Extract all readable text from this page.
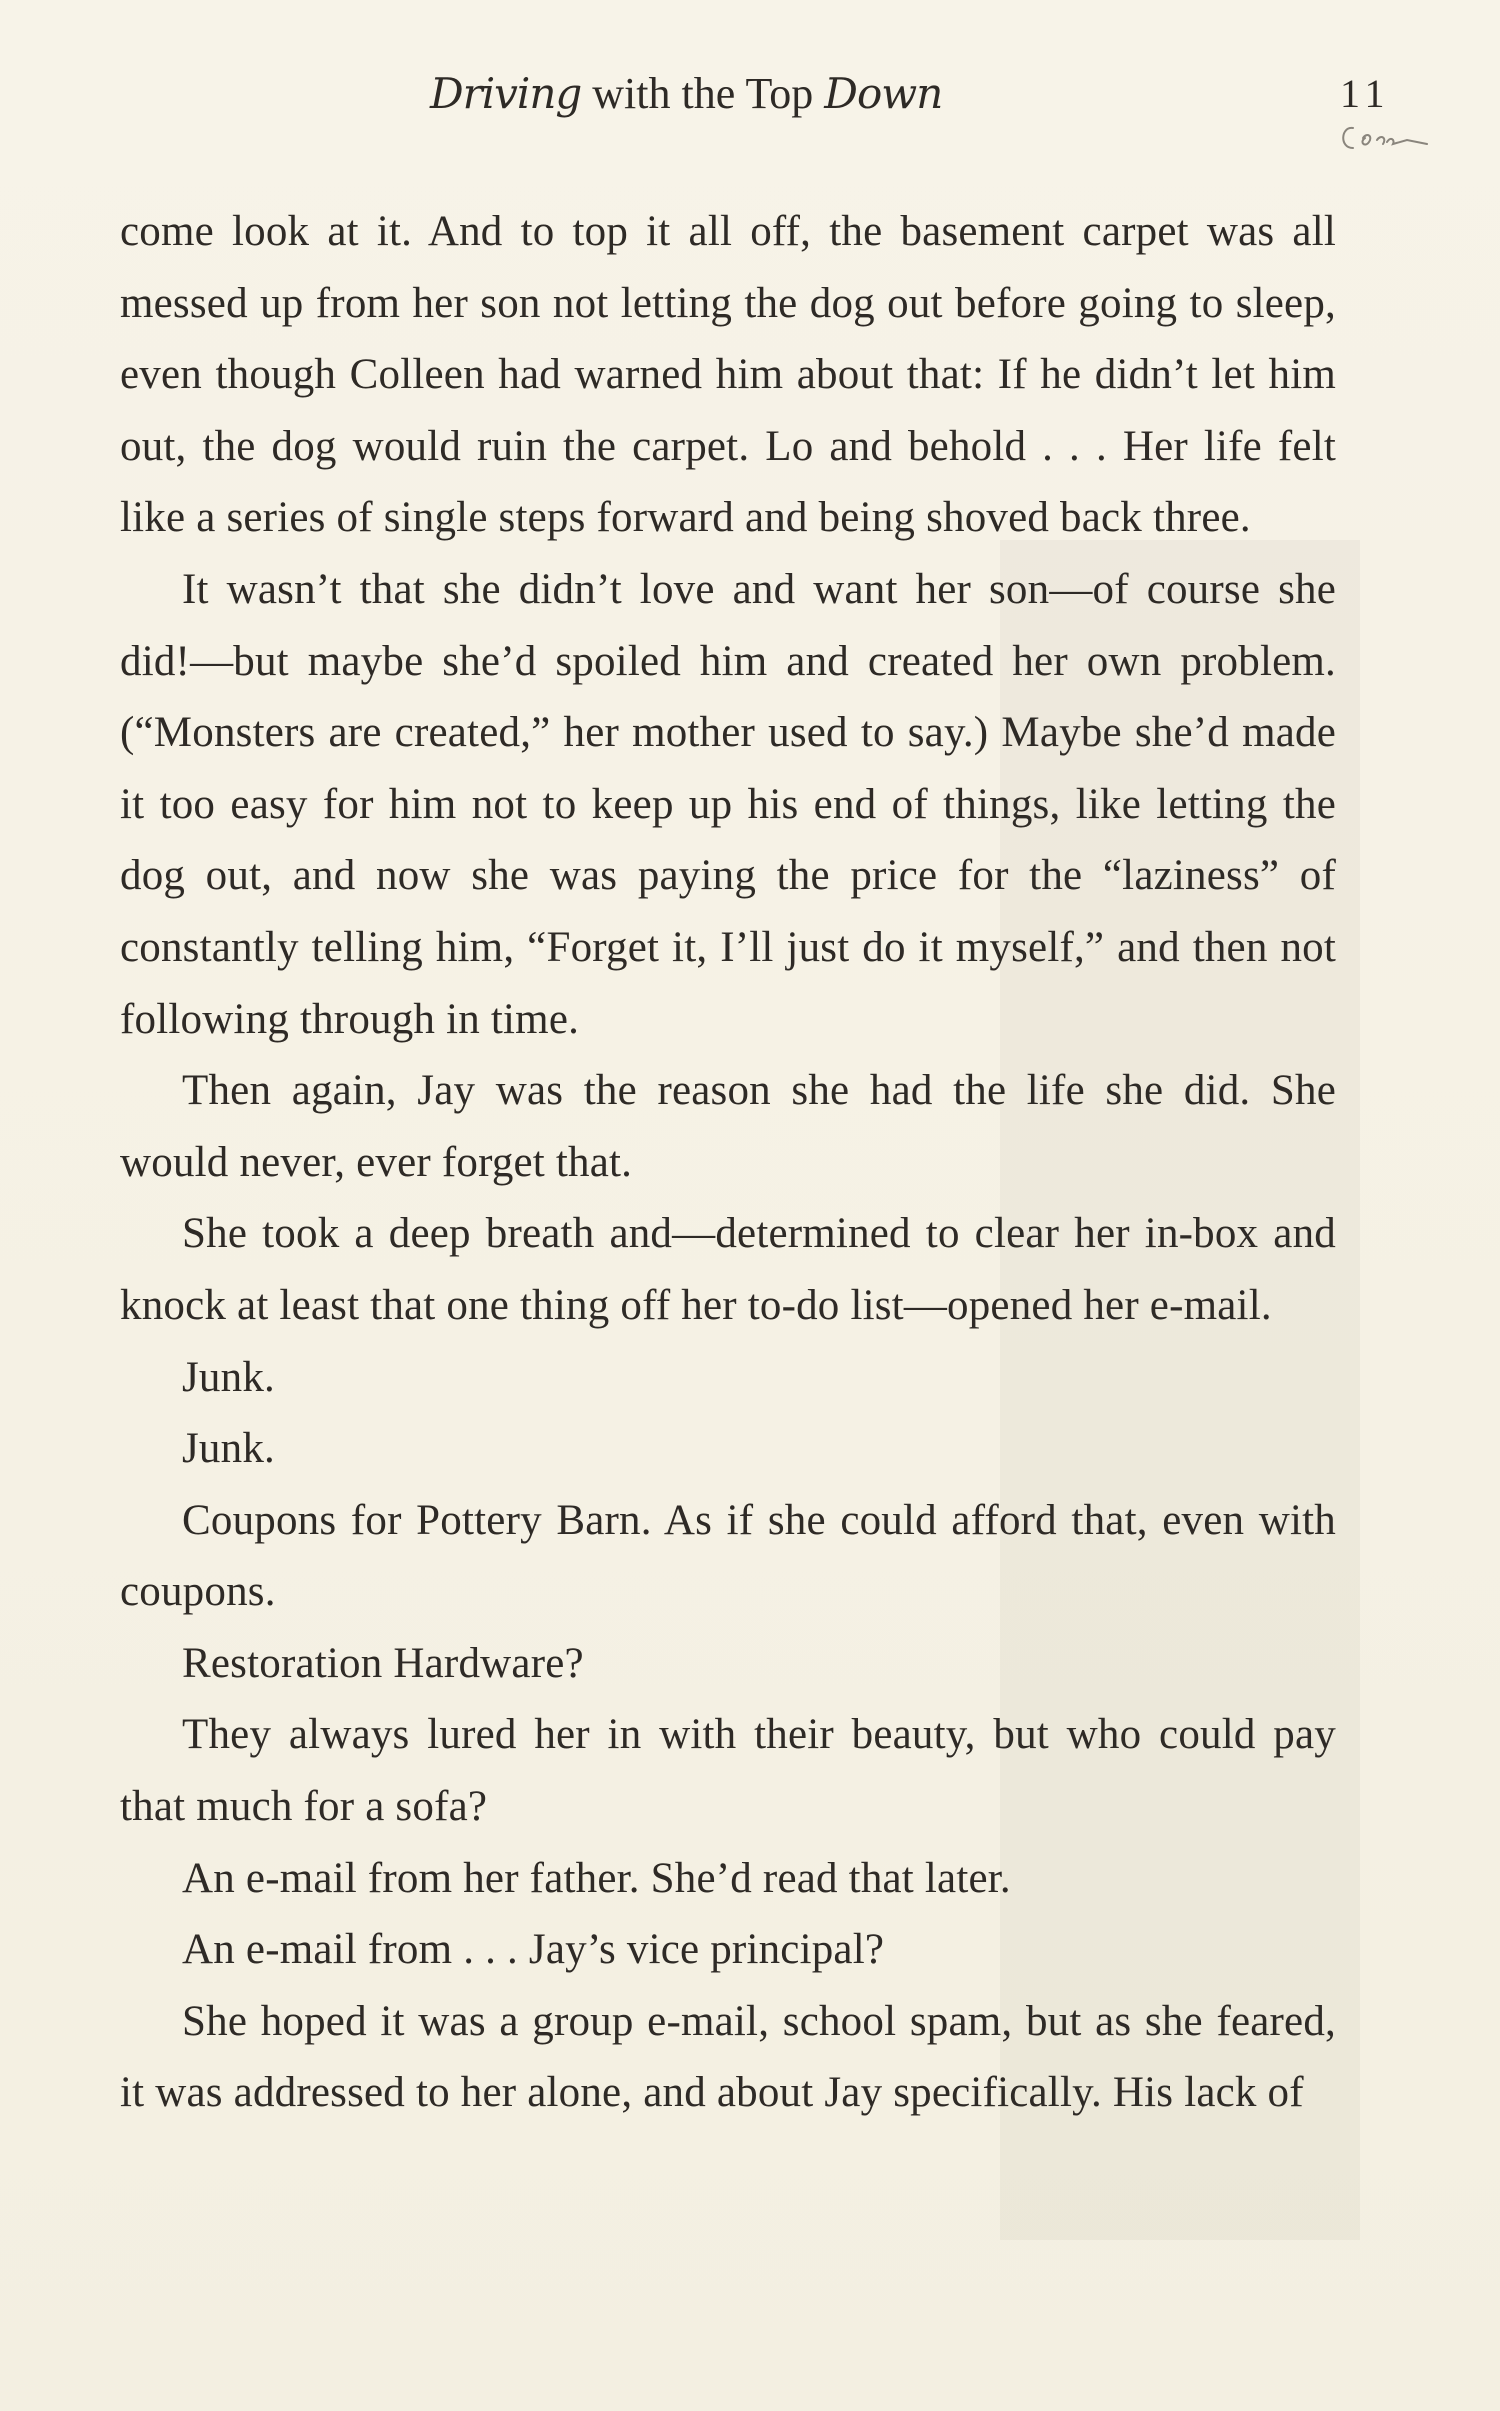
Driving with the Top Down	11

come look at it. And to top it all off, the basement carpet was all messed up from her son not letting the dog out before going to sleep, even though Colleen had warned him about that: If he didn’t let him out, the dog would ruin the carpet. Lo and behold . . . Her life felt like a series of single steps forward and being shoved back three.

It wasn’t that she didn’t love and want her son—of course she did!—but maybe she’d spoiled him and created her own problem. (“Monsters are created,” her mother used to say.) Maybe she’d made it too easy for him not to keep up his end of things, like letting the dog out, and now she was paying the price for the “laziness” of constantly telling him, “Forget it, I’ll just do it myself,” and then not following through in time.

Then again, Jay was the reason she had the life she did. She would never, ever forget that.

She took a deep breath and—determined to clear her in-box and knock at least that one thing off her to-do list—opened her e-mail.

Junk.

Junk.

Coupons for Pottery Barn. As if she could afford that, even with coupons.

Restoration Hardware?

They always lured her in with their beauty, but who could pay that much for a sofa?

An e-mail from her father. She’d read that later.

An e-mail from . . . Jay’s vice principal?

She hoped it was a group e-mail, school spam, but as she feared, it was addressed to her alone, and about Jay specifically. His lack of
